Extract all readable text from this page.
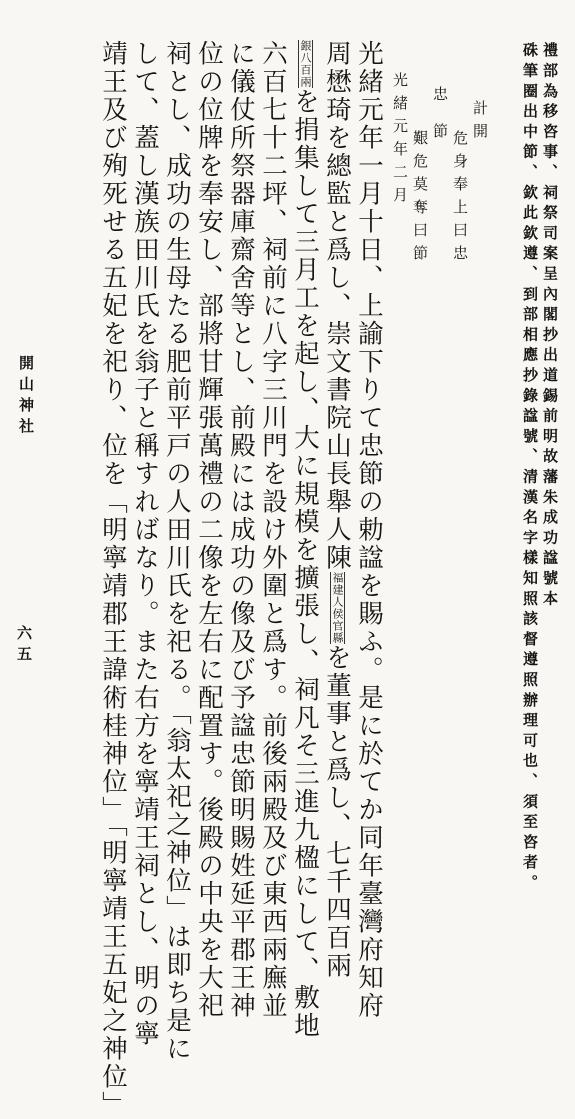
禮部為移咨事、祠祭司案呈內閣抄出道錫前明故藩朱成功諡號本
硃筆圈出中節、欽此欽遵、到部相應抄錄諡號、清漢名字樣知照該督遵照辦理可也、須至咨者。
計開
危身奉上曰忠
忠節
艱危莫奪曰節
光緒元年二月
光緒元年一月十日、上諭下りて忠節の勅諡を賜ふ。是に於てか同年臺灣府知府
周懋琦を總監と爲し、崇文書院山長舉人陳福建人侯官縣を董事と爲し、七千四百兩
銀八百兩を捐集して三月工を起し、大に規模を擴張し、祠凡そ三進九楹にして、敷地
六百七十二坪、祠前に八字三川門を設け外圍と爲す。前後兩殿及び東西兩廡並
に儀仗所祭器庫齋舍等とし、前殿には成功の像及び予諡忠節明賜姓延平郡王神
位の位牌を奉安し、部將甘輝張萬禮の二像を左右に配置す。後殿の中央を大祀
祠とし、成功の生母たる肥前平戸の人田川氏を祀る。「翁太祀之神位」は即ち是に
して、蓋し漢族田川氏を翁子と稱すればなり。また右方を寧靖王祠とし、明の寧
靖王及び殉死せる五妃を祀り、位を「明寧靖郡王諱術桂神位」「明寧靖王五妃之神位」
開山神社
六五
